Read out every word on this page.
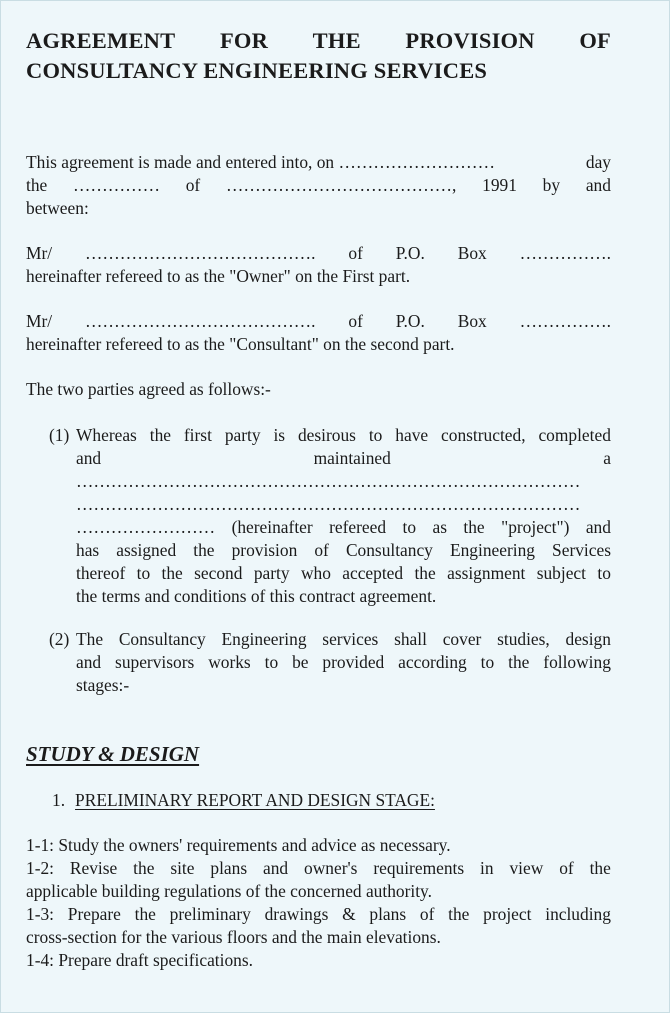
AGREEMENT FOR THE PROVISION OF
CONSULTANCY ENGINEERING SERVICES
This agreement is made and entered into, on ………………………	day
the …………… of …………………………………, 1991 by and
between:
Mr/ …………………………………. of P.O. Box …………….
hereinafter refereed to as the "Owner" on the First part.
Mr/ …………………………………. of P.O. Box …………….
hereinafter refereed to as the "Consultant" on the second part.
The two parties agreed as follows:-
(1) Whereas the first party is desirous to have constructed, completed
and	maintained	a
……………………………………………………………………………
……………………………………………………………………………
…………………… (hereinafter refereed to as the "project") and
has assigned the provision of Consultancy Engineering Services
thereof to the second party who accepted the assignment subject to
the terms and conditions of this contract agreement.
(2) The Consultancy Engineering services shall cover studies, design
and supervisors works to be provided according to the following
stages:-
STUDY & DESIGN
1. PRELIMINARY REPORT AND DESIGN STAGE:
1-1: Study the owners' requirements and advice as necessary.
1-2: Revise the site plans and owner's requirements in view of the
applicable building regulations of the concerned authority.
1-3: Prepare the preliminary drawings & plans of the project including
cross-section for the various floors and the main elevations.
1-4: Prepare draft specifications.
